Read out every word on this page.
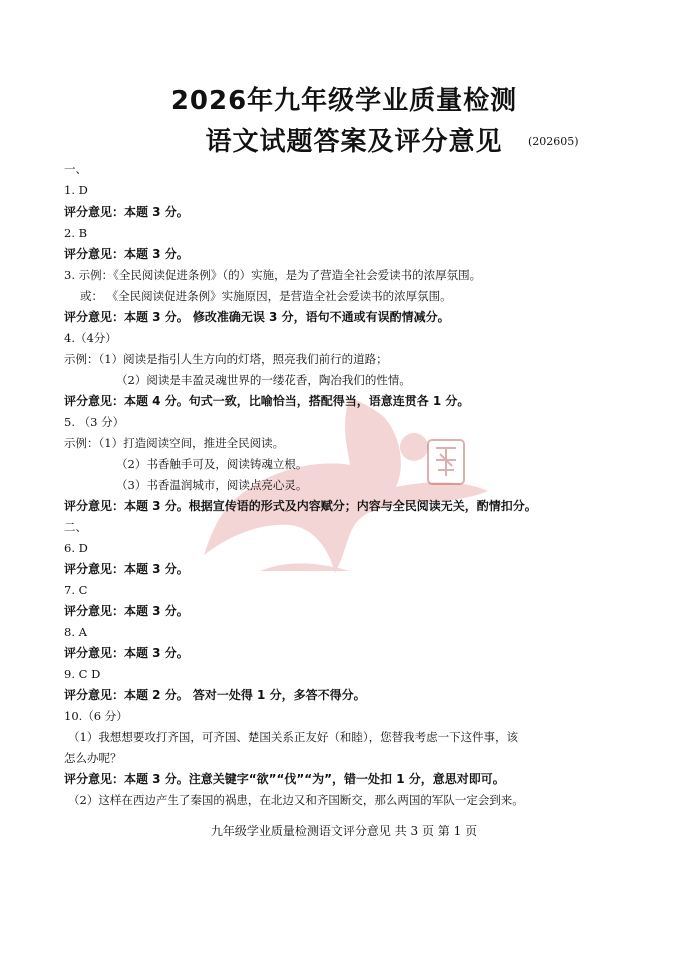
2026年九年级学业质量检测
语文试题答案及评分意见	(202605)
一、
1. D
评分意见：本题 3 分。
2. B
评分意见：本题 3 分。
3. 示例：《全民阅读促进条例》（的）实施，是为了营造全社会爱读书的浓厚氛围。
或： 《全民阅读促进条例》实施原因，是营造全社会爱读书的浓厚氛围。
评分意见：本题 3 分。 修改准确无误 3 分，语句不通或有误酌情减分。
4.（4分）
示例：（1）阅读是指引人生方向的灯塔，照亮我们前行的道路；
（2）阅读是丰盈灵魂世界的一缕花香，陶冶我们的性情。
评分意见：本题 4 分。句式一致，比喻恰当，搭配得当，语意连贯各 1 分。
5. （3 分）
示例：（1）打造阅读空间，推进全民阅读。
（2）书香触手可及，阅读铸魂立根。
（3）书香温润城市，阅读点亮心灵。
评分意见：本题 3 分。根据宣传语的形式及内容赋分；内容与全民阅读无关，酌情扣分。
二、
6. D
评分意见：本题 3 分。
7. C
评分意见：本题 3 分。
8. A
评分意见：本题 3 分。
9. C D
评分意见：本题 2 分。 答对一处得 1 分，多答不得分。
10.（6 分）
（1）我想想要攻打齐国，可齐国、楚国关系正友好（和睦），您替我考虑一下这件事，该
怎么办呢？
评分意见：本题 3 分。注意关键字“欲”“伐”“为”，错一处扣 1 分，意思对即可。
（2）这样在西边产生了秦国的祸患，在北边又和齐国断交，那么两国的军队一定会到来。
九年级学业质量检测语文评分意见 共 3 页 第 1 页
